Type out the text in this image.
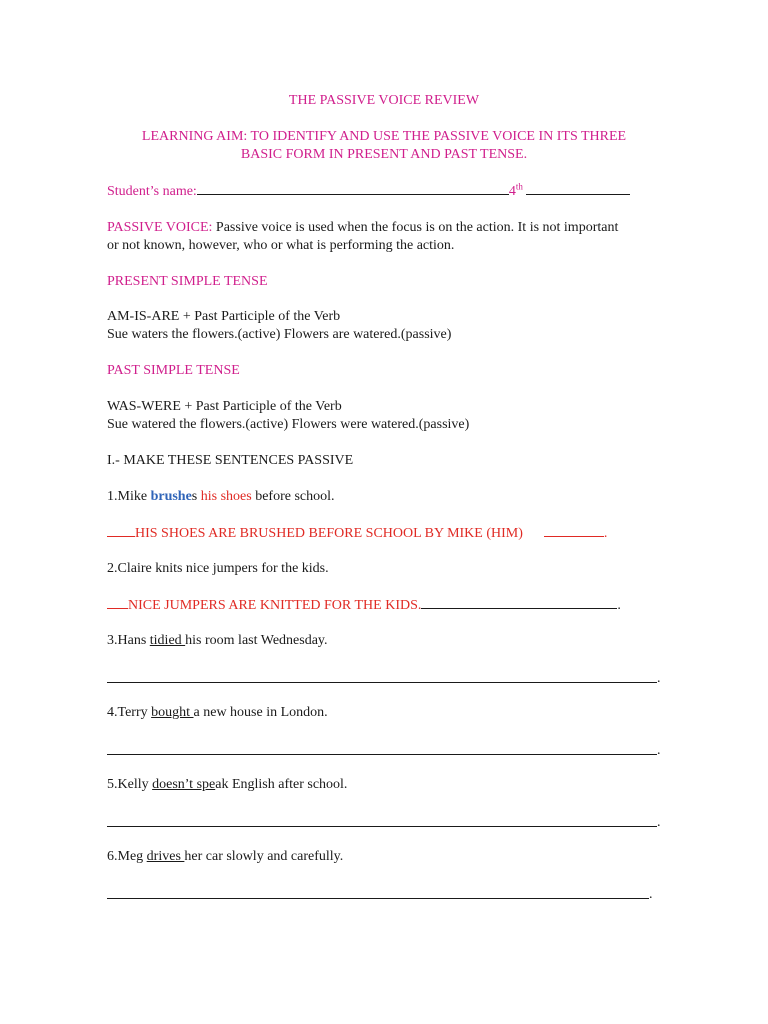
THE PASSIVE VOICE REVIEW
LEARNING AIM: TO IDENTIFY AND USE THE PASSIVE VOICE IN ITS THREE
BASIC FORM IN PRESENT AND PAST TENSE.
Student’s name:	4th
PASSIVE VOICE: Passive voice is used when the focus is on the action. It is not important
or not known, however, who or what is performing the action.
PRESENT SIMPLE TENSE
AM-IS-ARE + Past Participle of the Verb
Sue waters the flowers.(active) Flowers are watered.(passive)
PAST SIMPLE TENSE
WAS-WERE + Past Participle of the Verb
Sue watered the flowers.(active) Flowers were watered.(passive)
I.- MAKE THESE SENTENCES PASSIVE
1.Mike brushes his shoes before school.
HIS SHOES ARE BRUSHED BEFORE SCHOOL BY MIKE (HIM)	.
2.Claire knits nice jumpers for the kids.
NICE JUMPERS ARE KNITTED FOR THE KIDS.	.
3.Hans tidied his room last Wednesday.
.
4.Terry bought a new house in London.
.
5.Kelly doesn’t speak English after school.
.
6.Meg drives her car slowly and carefully.
.
